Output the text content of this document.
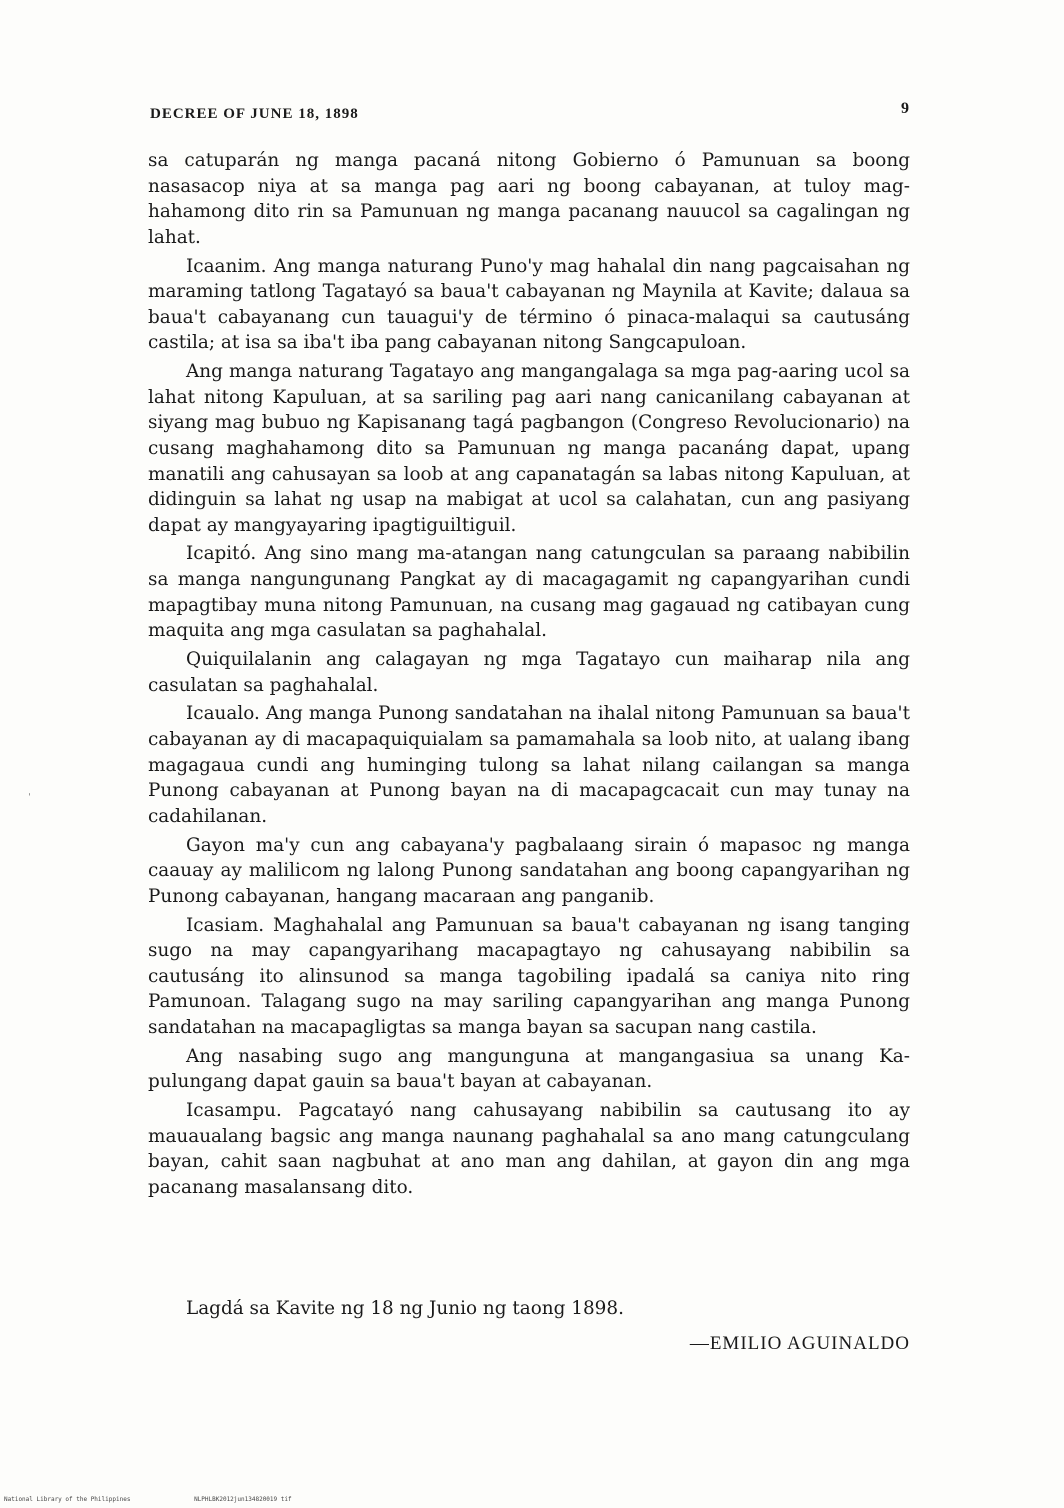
DECREE OF JUNE 18, 1898	9

sa catuparán ng manga pacaná nitong Gobierno ó Pamunuan sa boong nasasacop niya at sa manga pag aari ng boong cabayanan, at tuloy maghahamong dito rin sa Pamunuan ng manga pacanang nauucol sa cagalingan ng lahat.

Icaanim. Ang manga naturang Puno'y mag hahalal din nang pagcaisahan ng maraming tatlong Tagatayó sa baua't cabayanan ng Maynila at Kavite; dalaua sa baua't cabayanang cun tauagui'y de término ó pinaca-malaqui sa cautusáng castila; at isa sa iba't iba pang cabayanan nitong Sangcapuloan.

Ang manga naturang Tagatayo ang mangangalaga sa mga pag-aaring ucol sa lahat nitong Kapuluan, at sa sariling pag aari nang canicanilang cabayanan at siyang mag bubuo ng Kapisanang tagá pagbangon (Congreso Revolucionario) na cusang maghahamong dito sa Pamunuan ng manga pacanáng dapat, upang manatili ang cahusayan sa loob at ang capanatagán sa labas nitong Kapuluan, at didinguin sa lahat ng usap na mabigat at ucol sa calahatan, cun ang pasiyang dapat ay mangyayaring ipagtiguiltiguil.

Icapitó. Ang sino mang ma-atangan nang catungculan sa paraang nabibilin sa manga nangungunang Pangkat ay di macagagamit ng capangyarihan cundi mapagtibay muna nitong Pamunuan, na cusang mag gagauad ng catibayan cung maquita ang mga casulatan sa paghahalal.

Quiquilalanin ang calagayan ng mga Tagatayo cun maiharap nila ang casulatan sa paghahalal.

Icaualo. Ang manga Punong sandatahan na ihalal nitong Pamunuan sa baua't cabayanan ay di macapaquiquialam sa pamamahala sa loob nito, at ualang ibang magagaua cundi ang huminging tulong sa lahat nilang cailangan sa manga Punong cabayanan at Punong bayan na di macapagcacait cun may tunay na cadahilanan.

Gayon ma'y cun ang cabayana'y pagbalaang sirain ó mapasoc ng manga caauay ay malilicom ng lalong Punong sandatahan ang boong capangyarihan ng Punong cabayanan, hangang macaraan ang panganib.

Icasiam. Maghahalal ang Pamunuan sa baua't cabayanan ng isang tanging sugo na may capangyarihang macapagtayo ng cahusayang nabibilin sa cautusáng ito alinsunod sa manga tagobiling ipadalá sa caniya nito ring Pamunoan. Talagang sugo na may sariling capangyarihan ang manga Punong sandatahan na macapagligtas sa manga bayan sa sacupan nang castila.

Ang nasabing sugo ang mangunguna at mangangasiua sa unang Kapulungang dapat gauin sa baua't bayan at cabayanan.

Icasampu. Pagcatayó nang cahusayang nabibilin sa cautusang ito ay mauaualang bagsic ang manga naunang paghahalal sa ano mang catungculang bayan, cahit saan nagbuhat at ano man ang dahilan, at gayon din ang mga pacanang masalansang dito.

Lagdá sa Kavite ng 18 ng Junio ng taong 1898.

—EMILIO AGUINALDO

ˈ
National Library of the Philippines	NLPHLBK2012jun134820019 tif
